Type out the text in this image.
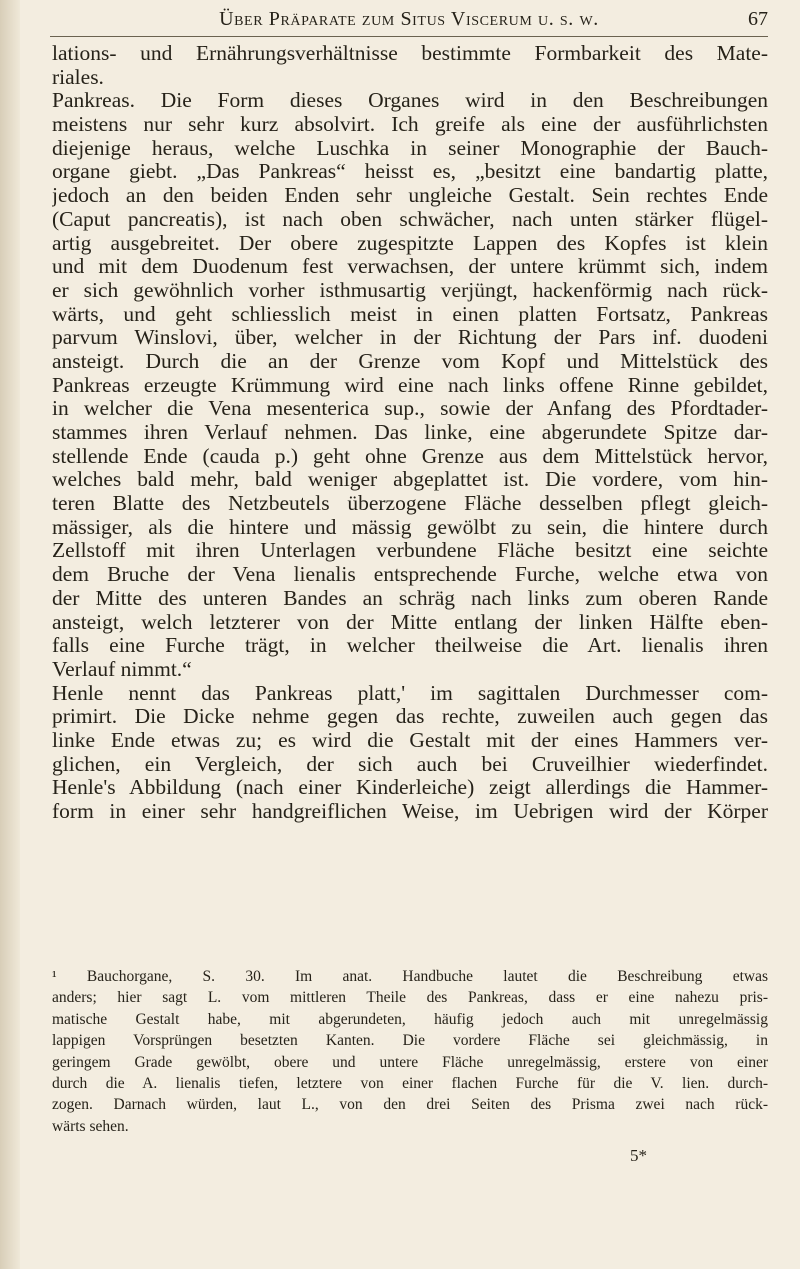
Über Präparate zum Situs Viscerum u. s. w.	67
lations- und Ernährungsverhältnisse bestimmte Formbarkeit des Mate-
riales.
Pankreas. Die Form dieses Organes wird in den Beschreibungen
meistens nur sehr kurz absolvirt. Ich greife als eine der ausführlichsten
diejenige heraus, welche Luschka in seiner Monographie der Bauch-
organe giebt. „Das Pankreas“ heisst es, „besitzt eine bandartig platte,
jedoch an den beiden Enden sehr ungleiche Gestalt. Sein rechtes Ende
(Caput pancreatis), ist nach oben schwächer, nach unten stärker flügel-
artig ausgebreitet. Der obere zugespitzte Lappen des Kopfes ist klein
und mit dem Duodenum fest verwachsen, der untere krümmt sich, indem
er sich gewöhnlich vorher isthmusartig verjüngt, hackenförmig nach rück-
wärts, und geht schliesslich meist in einen platten Fortsatz, Pankreas
parvum Winslovi, über, welcher in der Richtung der Pars inf. duodeni
ansteigt. Durch die an der Grenze vom Kopf und Mittelstück des
Pankreas erzeugte Krümmung wird eine nach links offene Rinne gebildet,
in welcher die Vena mesenterica sup., sowie der Anfang des Pfordtader-
stammes ihren Verlauf nehmen. Das linke, eine abgerundete Spitze dar-
stellende Ende (cauda p.) geht ohne Grenze aus dem Mittelstück hervor,
welches bald mehr, bald weniger abgeplattet ist. Die vordere, vom hin-
teren Blatte des Netzbeutels überzogene Fläche desselben pflegt gleich-
mässiger, als die hintere und mässig gewölbt zu sein, die hintere durch
Zellstoff mit ihren Unterlagen verbundene Fläche besitzt eine seichte
dem Bruche der Vena lienalis entsprechende Furche, welche etwa von
der Mitte des unteren Bandes an schräg nach links zum oberen Rande
ansteigt, welch letzterer von der Mitte entlang der linken Hälfte eben-
falls eine Furche trägt, in welcher theilweise die Art. lienalis ihren
Verlauf nimmt.“
Henle nennt das Pankreas platt,' im sagittalen Durchmesser com-
primirt. Die Dicke nehme gegen das rechte, zuweilen auch gegen das
linke Ende etwas zu; es wird die Gestalt mit der eines Hammers ver-
glichen, ein Vergleich, der sich auch bei Cruveilhier wiederfindet.
Henle's Abbildung (nach einer Kinderleiche) zeigt allerdings die Hammer-
form in einer sehr handgreiflichen Weise, im Uebrigen wird der Körper
¹ Bauchorgane, S. 30. Im anat. Handbuche lautet die Beschreibung etwas
anders; hier sagt L. vom mittleren Theile des Pankreas, dass er eine nahezu pris-
matische Gestalt habe, mit abgerundeten, häufig jedoch auch mit unregelmässig
lappigen Vorsprüngen besetzten Kanten. Die vordere Fläche sei gleichmässig, in
geringem Grade gewölbt, obere und untere Fläche unregelmässig, erstere von einer
durch die A. lienalis tiefen, letztere von einer flachen Furche für die V. lien. durch-
zogen. Darnach würden, laut L., von den drei Seiten des Prisma zwei nach rück-
wärts sehen.
5*
